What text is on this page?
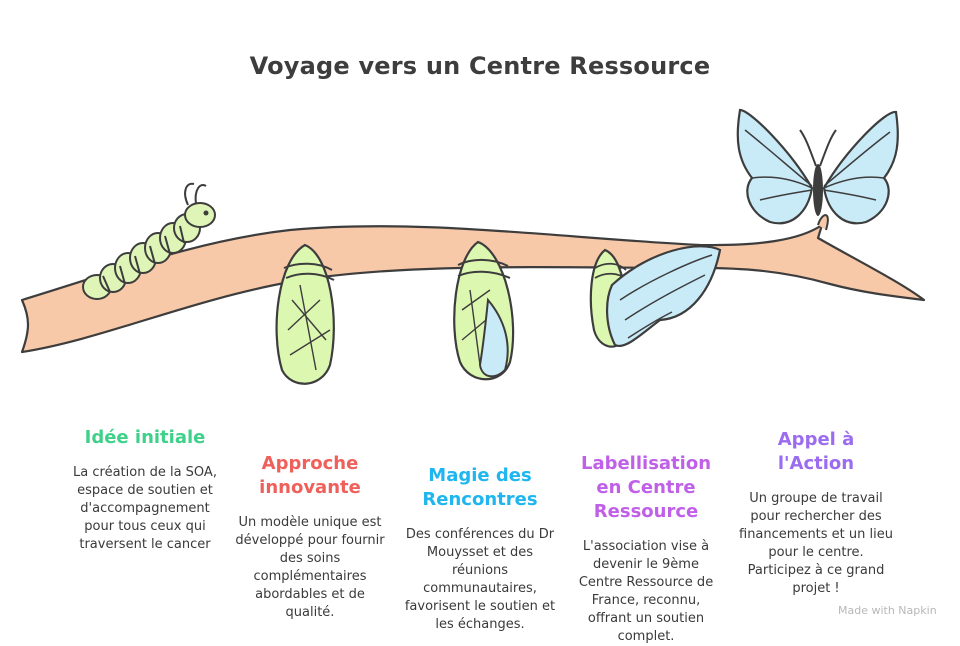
Voyage vers un Centre Ressource
Idée initiale
La création de la SOA, espace de soutien et d'accompagnement pour tous ceux qui traversent le cancer
Approche innovante
Un modèle unique est développé pour fournir des soins complémentaires abordables et de qualité.
Magie des Rencontres
Des conférences du Dr Mouysset et des réunions communautaires, favorisent le soutien et les échanges.
Labellisation en Centre Ressource
L'association vise à devenir le 9ème Centre Ressource de France, reconnu, offrant un soutien complet.
Appel à l'Action
Un groupe de travail pour rechercher des financements et un lieu pour le centre. Participez à ce grand projet !
Made with Napkin
